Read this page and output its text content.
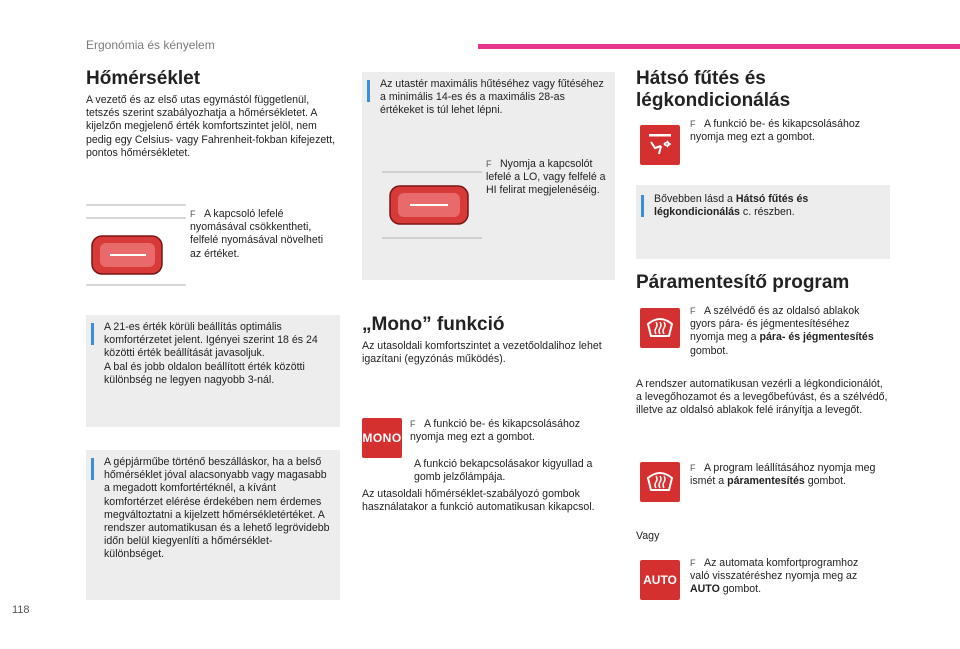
Ergonómia és kényelem
Hőmérséklet
A vezető és az első utas egymástól függetlenül, tetszés szerint szabályozhatja a hőmérsékletet. A kijelzőn megjelenő érték komfortszintet jelöl, nem pedig egy Celsius- vagy Fahrenheit-fokban kifejezett, pontos hőmérsékletet.
F A kapcsoló lefelé nyomásával csökkentheti, felfelé nyomásával növelheti az értéket.
A 21-es érték körüli beállítás optimális komfortérzetet jelent. Igényei szerint 18 és 24 közötti érték beállítását javasoljuk.
A bal és jobb oldalon beállított érték közötti különbség ne legyen nagyobb 3-nál.
A gépjárműbe történő beszálláskor, ha a belső hőmérséklet jóval alacsonyabb vagy magasabb a megadott komfortértéknél, a kívánt komfortérzet elérése érdekében nem érdemes megváltoztatni a kijelzett hőmérsékletértéket. A rendszer automatikusan és a lehető legrövidebb időn belül kiegyenlíti a hőmérséklet-különbséget.
Az utastér maximális hűtéséhez vagy fűtéséhez a minimális 14-es és a maximális 28-as értékeket is túl lehet lépni.
F Nyomja a kapcsolót lefelé a LO, vagy felfelé a HI felirat megjelenéséig.
„Mono” funkció
Az utasoldali komfortszintet a vezetőoldalihoz lehet igazítani (egyzónás működés).
MONO
F A funkció be- és kikapcsolásához nyomja meg ezt a gombot.
A funkció bekapcsolásakor kigyullad a gomb jelzőlámpája.
Az utasoldali hőmérséklet-szabályozó gombok használatakor a funkció automatikusan kikapcsol.
Hátsó fűtés és légkondicionálás
F A funkció be- és kikapcsolásához nyomja meg ezt a gombot.
Bővebben lásd a Hátsó fűtés és légkondicionálás c. részben.
Páramentesítő program
F A szélvédő és az oldalsó ablakok gyors pára- és jégmentesítéséhez nyomja meg a pára- és jégmentesítés gombot.
A rendszer automatikusan vezérli a légkondicionálót, a levegőhozamot és a levegőbefúvást, és a szélvédő, illetve az oldalsó ablakok felé irányítja a levegőt.
F A program leállításához nyomja meg ismét a páramentesítés gombot.
Vagy
AUTO
F Az automata komfortprogramhoz való visszatéréshez nyomja meg az AUTO gombot.
118
